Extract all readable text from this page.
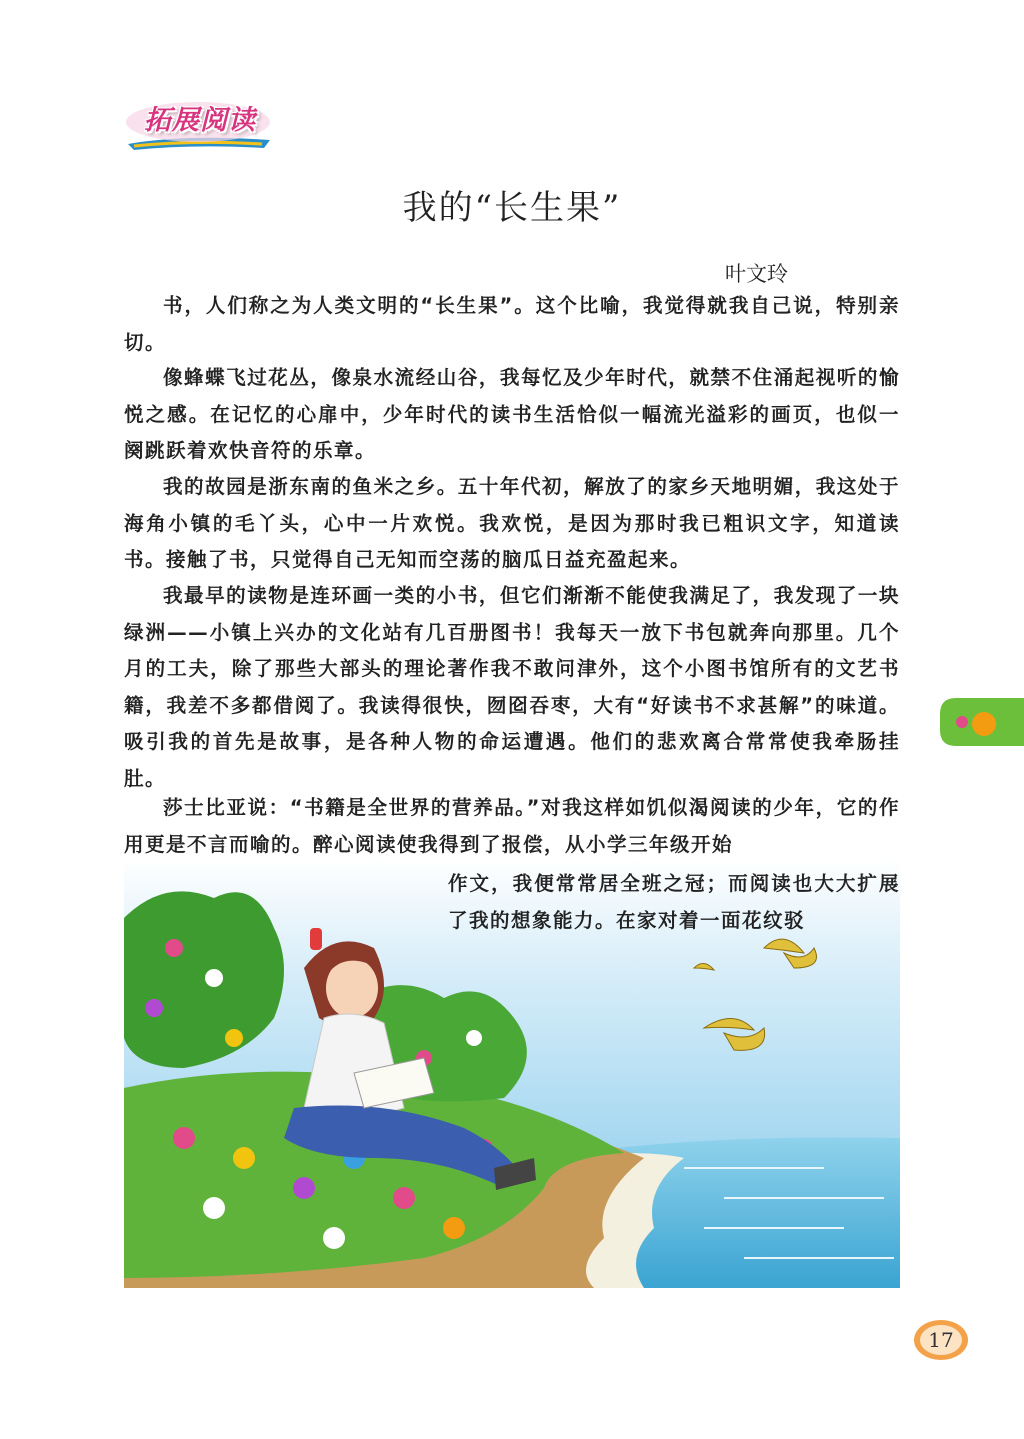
拓展阅读
我的“长生果”
叶文玲
书，人们称之为人类文明的“长生果”。这个比喻，我觉得就我自己说，特别亲切。
像蜂蝶飞过花丛，像泉水流经山谷，我每忆及少年时代，就禁不住涌起视听的愉悦之感。在记忆的心扉中，少年时代的读书生活恰似一幅流光溢彩的画页，也似一阕跳跃着欢快音符的乐章。
我的故园是浙东南的鱼米之乡。五十年代初，解放了的家乡天地明媚，我这处于海角小镇的毛丫头，心中一片欢悦。我欢悦，是因为那时我已粗识文字，知道读书。接触了书，只觉得自己无知而空荡的脑瓜日益充盈起来。
我最早的读物是连环画一类的小书，但它们渐渐不能使我满足了，我发现了一块绿洲——小镇上兴办的文化站有几百册图书！我每天一放下书包就奔向那里。几个月的工夫，除了那些大部头的理论著作我不敢问津外，这个小图书馆所有的文艺书籍，我差不多都借阅了。我读得很快，囫囵吞枣，大有“好读书不求甚解”的味道。吸引我的首先是故事，是各种人物的命运遭遇。他们的悲欢离合常常使我牵肠挂肚。
莎士比亚说：“书籍是全世界的营养品。”对我这样如饥似渴阅读的少年，它的作用更是不言而喻的。醉心阅读使我得到了报偿，从小学三年级开始
作文，我便常常居全班之冠；而阅读也大大扩展了我的想象能力。在家对着一面花纹驳
17
